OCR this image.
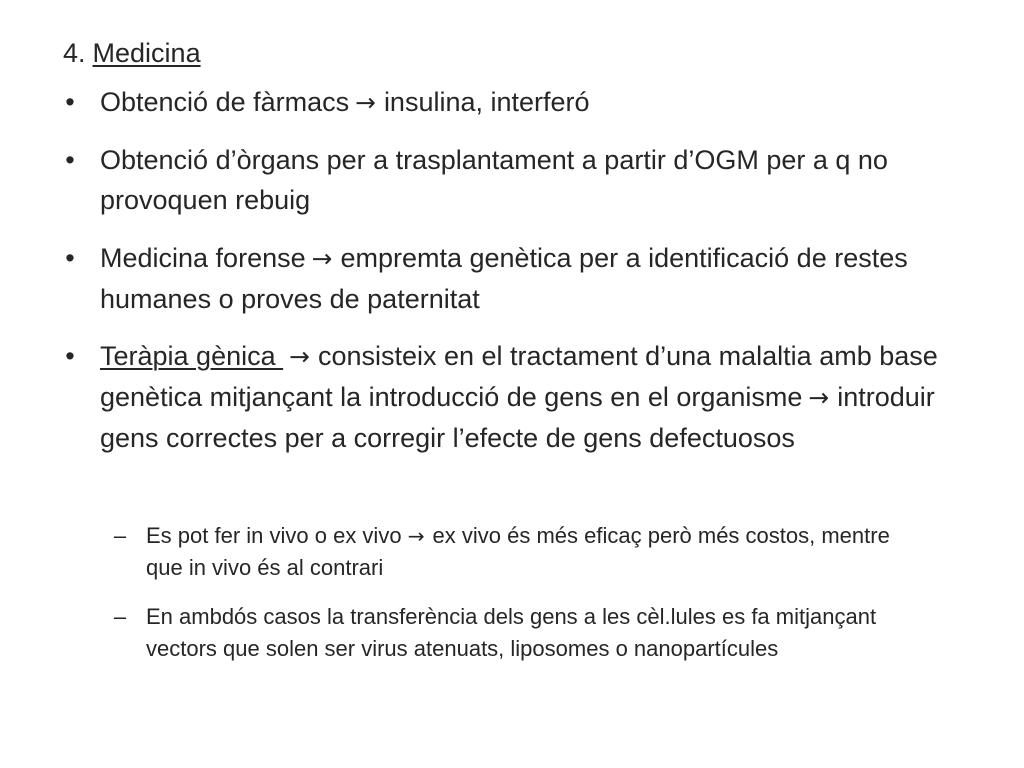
4. Medicina
• Obtenció de fàrmacs → insulina, interferó
• Obtenció d’òrgans per a trasplantament a partir d’OGM per a q no provoquen rebuig
• Medicina forense → empremta genètica per a identificació de restes humanes o proves de paternitat
• Teràpia gènica → consisteix en el tractament d’una malaltia amb base genètica mitjançant la introducció de gens en el organisme → introduir gens correctes per a corregir l’efecte de gens defectuosos
– Es pot fer in vivo o ex vivo → ex vivo és més eficaç però més costos, mentre que in vivo és al contrari
– En ambdós casos la transferència dels gens a les cèl.lules es fa mitjançant vectors que solen ser virus atenuats, liposomes o nanopartícules
